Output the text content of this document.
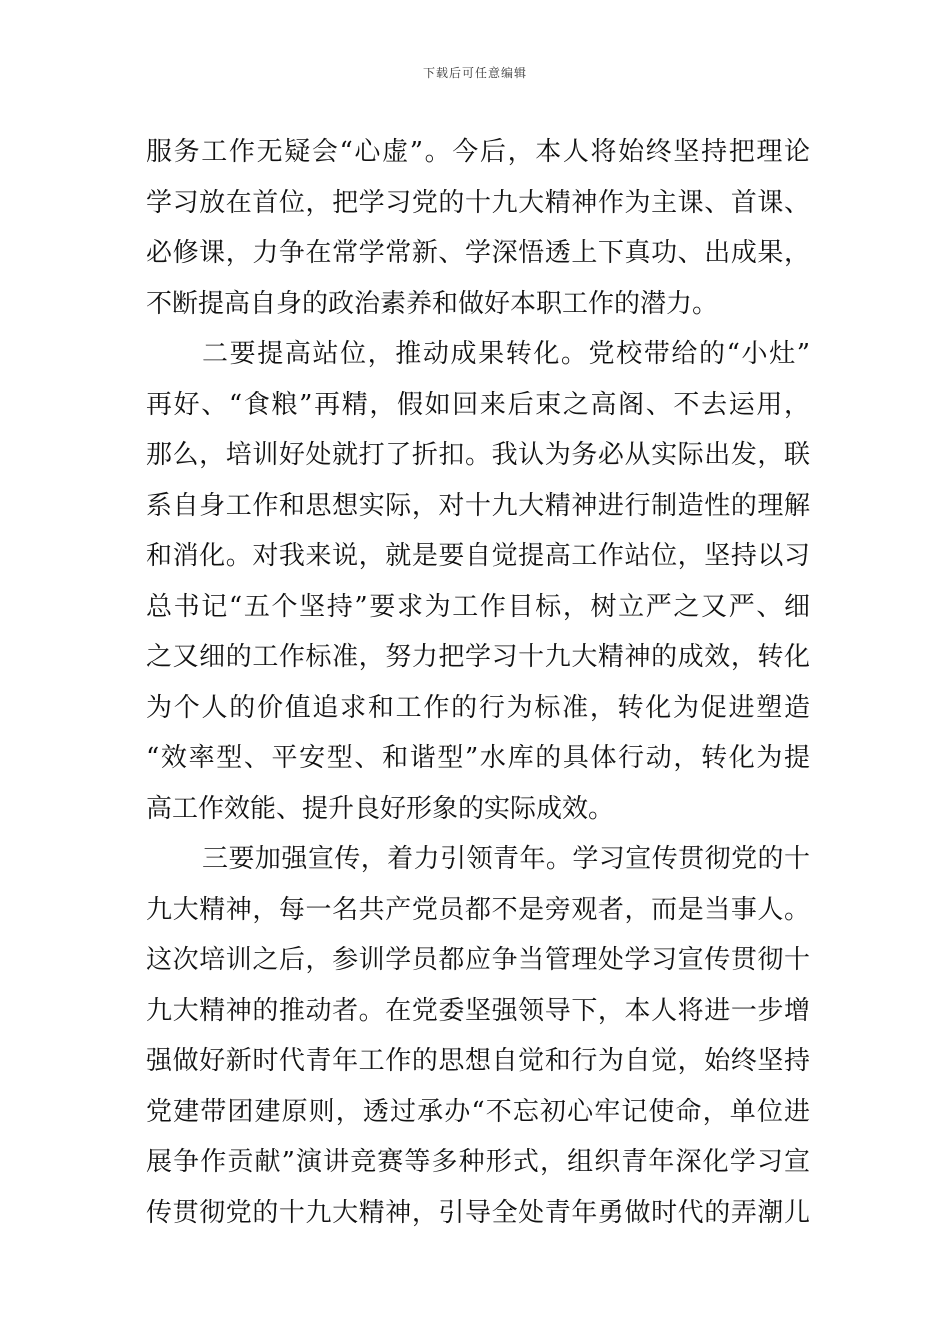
下载后可任意编辑
服务工作无疑会“心虚”。今后，本人将始终坚持把理论
学习放在首位，把学习党的十九大精神作为主课、首课、
必修课，力争在常学常新、学深悟透上下真功、出成果，
不断提高自身的政治素养和做好本职工作的潜力。
二要提高站位，推动成果转化。党校带给的“小灶”
再好、“食粮”再精，假如回来后束之高阁、不去运用，
那么，培训好处就打了折扣。我认为务必从实际出发，联
系自身工作和思想实际，对十九大精神进行制造性的理解
和消化。对我来说，就是要自觉提高工作站位，坚持以习
总书记“五个坚持”要求为工作目标，树立严之又严、细
之又细的工作标准，努力把学习十九大精神的成效，转化
为个人的价值追求和工作的行为标准，转化为促进塑造
“效率型、平安型、和谐型”水库的具体行动，转化为提
高工作效能、提升良好形象的实际成效。
三要加强宣传，着力引领青年。学习宣传贯彻党的十
九大精神，每一名共产党员都不是旁观者，而是当事人。
这次培训之后，参训学员都应争当管理处学习宣传贯彻十
九大精神的推动者。在党委坚强领导下，本人将进一步增
强做好新时代青年工作的思想自觉和行为自觉，始终坚持
党建带团建原则，透过承办“不忘初心牢记使命，单位进
展争作贡献”演讲竞赛等多种形式，组织青年深化学习宣
传贯彻党的十九大精神，引导全处青年勇做时代的弄潮儿
